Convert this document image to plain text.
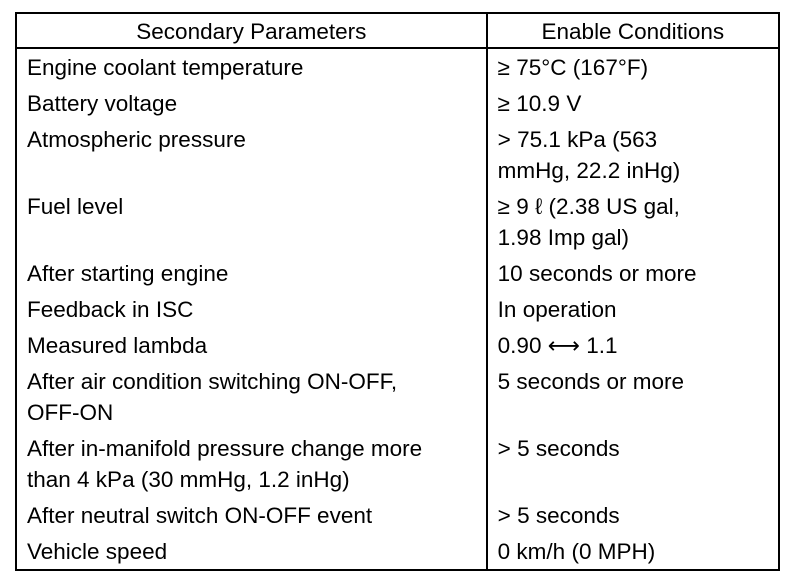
Secondary Parameters	Enable Conditions
Engine coolant temperature	≥ 75°C (167°F)
Battery voltage	≥ 10.9 V
Atmospheric pressure	> 75.1 kPa (563
mmHg, 22.2 inHg)
Fuel level	≥ 9 ℓ (2.38 US gal,
1.98 Imp gal)
After starting engine	10 seconds or more
Feedback in ISC	In operation
Measured lambda	0.90 ⟷ 1.1
After air condition switching ON-OFF,
OFF-ON	5 seconds or more
After in-manifold pressure change more
than 4 kPa (30 mmHg, 1.2 inHg)	> 5 seconds
After neutral switch ON-OFF event	> 5 seconds
Vehicle speed	0 km/h (0 MPH)
